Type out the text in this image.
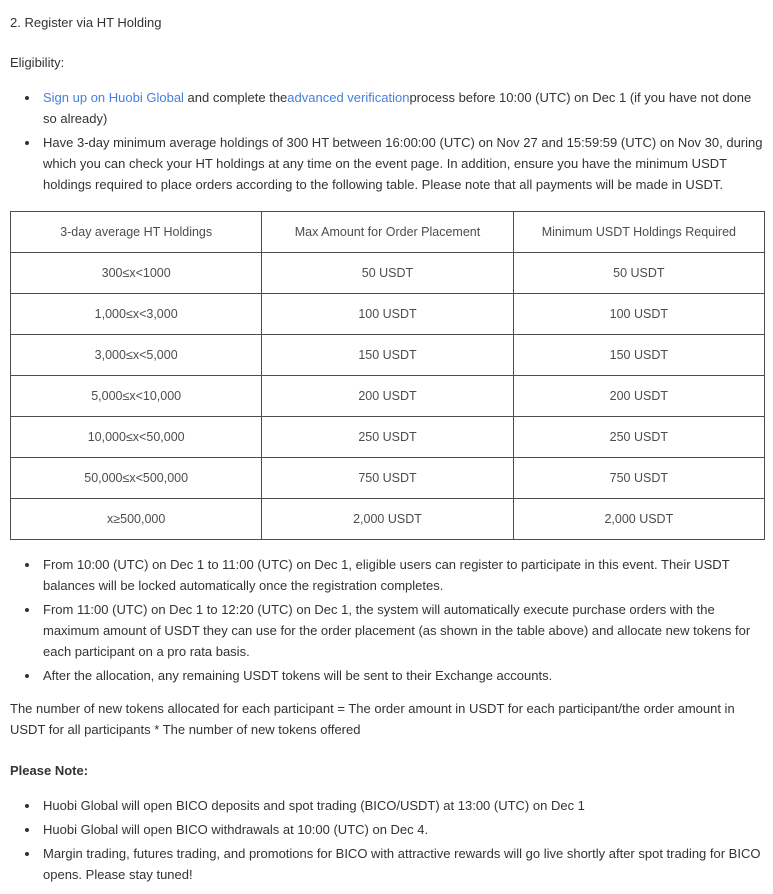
2. Register via HT Holding

Eligibility:

• Sign up on Huobi Global and complete theadvanced verificationprocess before 10:00 (UTC) on Dec 1 (if you have not done so already)
• Have 3-day minimum average holdings of 300 HT between 16:00:00 (UTC) on Nov 27 and 15:59:59 (UTC) on Nov 30, during which you can check your HT holdings at any time on the event page. In addition, ensure you have the minimum USDT holdings required to place orders according to the following table. Please note that all payments will be made in USDT.
3-day average HT Holdings	Max Amount for Order Placement	Minimum USDT Holdings Required
300≤x<1000	50 USDT	50 USDT
1,000≤x<3,000	100 USDT	100 USDT
3,000≤x<5,000	150 USDT	150 USDT
5,000≤x<10,000	200 USDT	200 USDT
10,000≤x<50,000	250 USDT	250 USDT
50,000≤x<500,000	750 USDT	750 USDT
x≥500,000	2,000 USDT	2,000 USDT
• From 10:00 (UTC) on Dec 1 to 11:00 (UTC) on Dec 1, eligible users can register to participate in this event. Their USDT balances will be locked automatically once the registration completes.
• From 11:00 (UTC) on Dec 1 to 12:20 (UTC) on Dec 1, the system will automatically execute purchase orders with the maximum amount of USDT they can use for the order placement (as shown in the table above) and allocate new tokens for each participant on a pro rata basis.
• After the allocation, any remaining USDT tokens will be sent to their Exchange accounts.

The number of new tokens allocated for each participant = The order amount in USDT for each participant/the order amount in USDT for all participants * The number of new tokens offered

Please Note:

• Huobi Global will open BICO deposits and spot trading (BICO/USDT) at 13:00 (UTC) on Dec 1
• Huobi Global will open BICO withdrawals at 10:00 (UTC) on Dec 4.
• Margin trading, futures trading, and promotions for BICO with attractive rewards will go live shortly after spot trading for BICO opens. Please stay tuned!
